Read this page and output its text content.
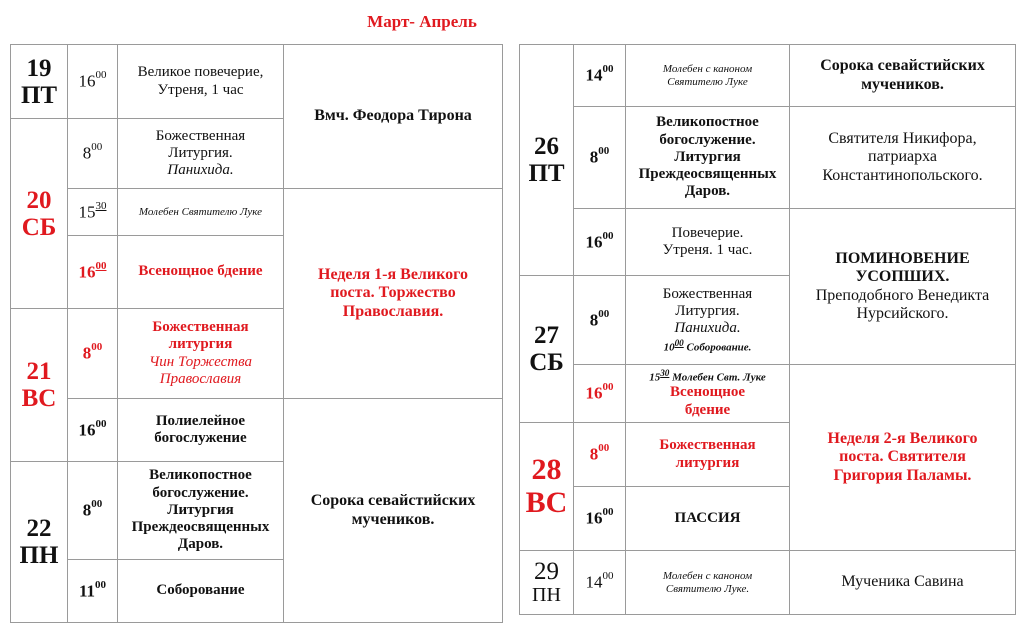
Март- Апрель
19
ПТ	$16^{00}$	Великое повечерие,
Утреня, 1 час	Вмч. Феодора Тирона

20
СБ	$8^{00}$	Божественная
Литургия.
Панихида.	

	$15^{30}$	Молебен Святителю Луке	Неделя 1-я Великого
поста. Торжество
Православия.

	$16^{00}$	Всенощное бдение	

21
ВС	$8^{00}$	Божественная
литургия
Чин Торжества
Православия	

	$16^{00}$	Полиелейное
богослужение	Сорока севайстийских
мучеников.

22
ПН	$8^{00}$	Великопостное
богослужение.
Литургия
Преждеосвященных
Даров.	

	$11^{00}$	Соборование	
26
ПТ	$14^{00}$	Молебен с каноном
Святителю Луке	Сорока севайстийских
мучеников.

	$8^{00}$	Великопостное
богослужение.
Литургия
Преждеосвященных
Даров.	Святителя Никифора,
патриарха
Константинопольского.

	$16^{00}$	Повечерие.
Утреня. 1 час.	ПОМИНОВЕНИЕ
УСОПШИХ.
Преподобного Венедикта
Нурсийского.

27
СБ	$8^{00}$	Божественная
Литургия.
Панихида.
$10^{00}$ Соборование.	

	$16^{00}$	$15^{30}$ Молебен Свт. Луке
Всенощное
бдение	Неделя 2-я Великого
поста. Святителя
Григория Паламы.

28
ВС	$8^{00}$	Божественная
литургия	

	$16^{00}$	ПАССИЯ	

29
ПН	$14^{00}$	Молебен с каноном
Святителю Луке.	Мученика Савина
